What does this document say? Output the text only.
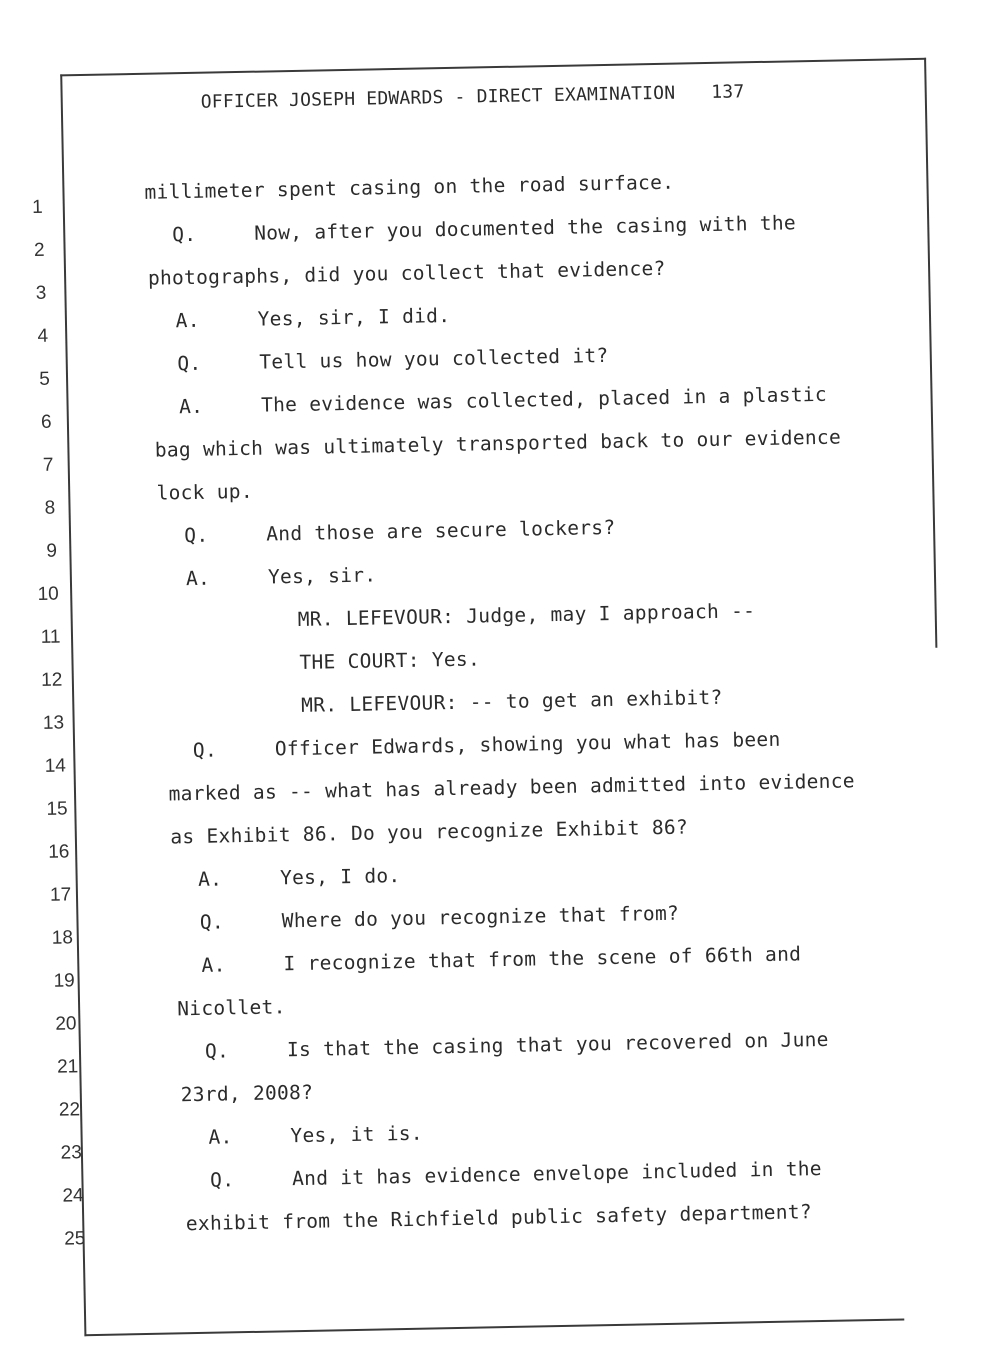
OFFICER JOSEPH EDWARDS - DIRECT EXAMINATION 137
1
2
3
4
5
6
7
8
9
10
11
12
13
14
15
16
17
18
19
20
21
22
23
24
25
millimeter spent casing on the road surface.
Q.	Now, after you documented the casing with the
photographs, did you collect that evidence?
A.	Yes, sir, I did.
Q.	Tell us how you collected it?
A.	The evidence was collected, placed in a plastic
bag which was ultimately transported back to our evidence
lock up.
Q.	And those are secure lockers?
A.	Yes, sir.
MR. LEFEVOUR: Judge, may I approach --
THE COURT: Yes.
MR. LEFEVOUR: -- to get an exhibit?
Q.	Officer Edwards, showing you what has been
marked as -- what has already been admitted into evidence
as Exhibit 86. Do you recognize Exhibit 86?
A.	Yes, I do.
Q.	Where do you recognize that from?
A.	I recognize that from the scene of 66th and
Nicollet.
Q.	Is that the casing that you recovered on June
23rd, 2008?
A.	Yes, it is.
Q.	And it has evidence envelope included in the
exhibit from the Richfield public safety department?
